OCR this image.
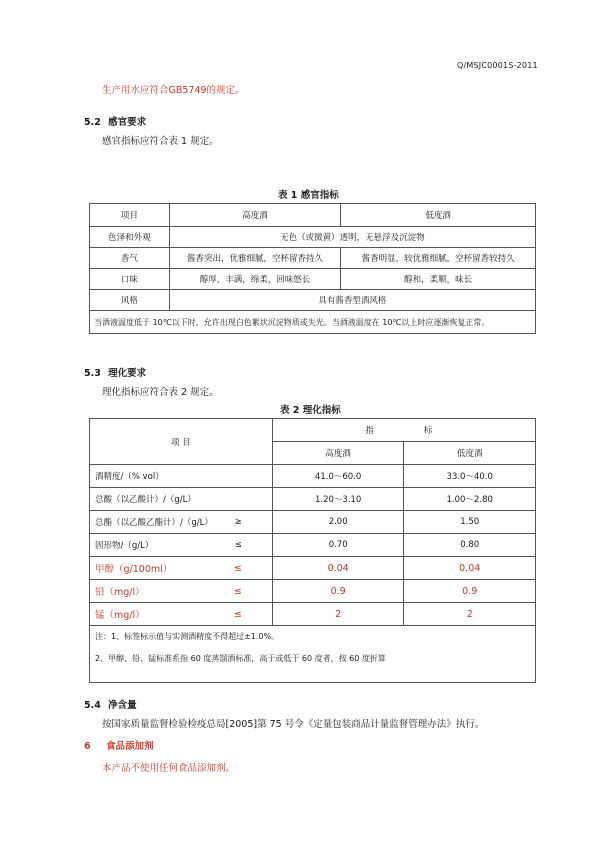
Q/MSJC0001S-2011
生产用水应符合GB5749的规定。
5.2 感官要求
感官指标应符合表 1 规定。
表 1 感官指标
项目	高度酒	低度酒
色泽和外观	无色（或微黄）透明，无悬浮及沉淀物	
香气	酱香突出，优雅细腻，空杯留香持久	酱香明显，较优雅细腻，空杯留香较持久
口味	醇厚，丰满，绵柔，回味悠长	醇和，柔顺，味长
风格	具有酱香型酒风格	
当酒液温度低于 10℃以下时，允许出现白色絮状沉淀物质或失光。当酒液温度在 10℃以上时应逐渐恢复正常。		
5.3 理化要求
理化指标应符合表 2 规定。
表 2 理化指标
项 目		指	标
		高度酒	低度酒
酒精度/（% vol）		41.0～60.0	33.0～40.0
总酸（以乙酸计）/（g/L）		1.20～3.10	1.00～2.80
总酯（以乙酸乙酯计）/（g/L）	≥	2.00	1.50
固形物/（g/L）	≤	0.70	0.80
甲醇（g/100ml）	≤	0.04	0.04
铅（mg/l）	≤	0.9	0.9
锰（mg/l）	≤	2	2

注：1、标签标示值与实测酒精度不得超过±1.0%。
2、甲醇、铅、锰标准系指 60 度蒸馏酒标准，高于或低于 60 度者，按 60 度折算			
5.4 净含量
按国家质量监督检验检疫总局[2005]第 75 号令《定量包装商品计量监督管理办法》执行。
6 食品添加剂
本产品不使用任何食品添加剂。
